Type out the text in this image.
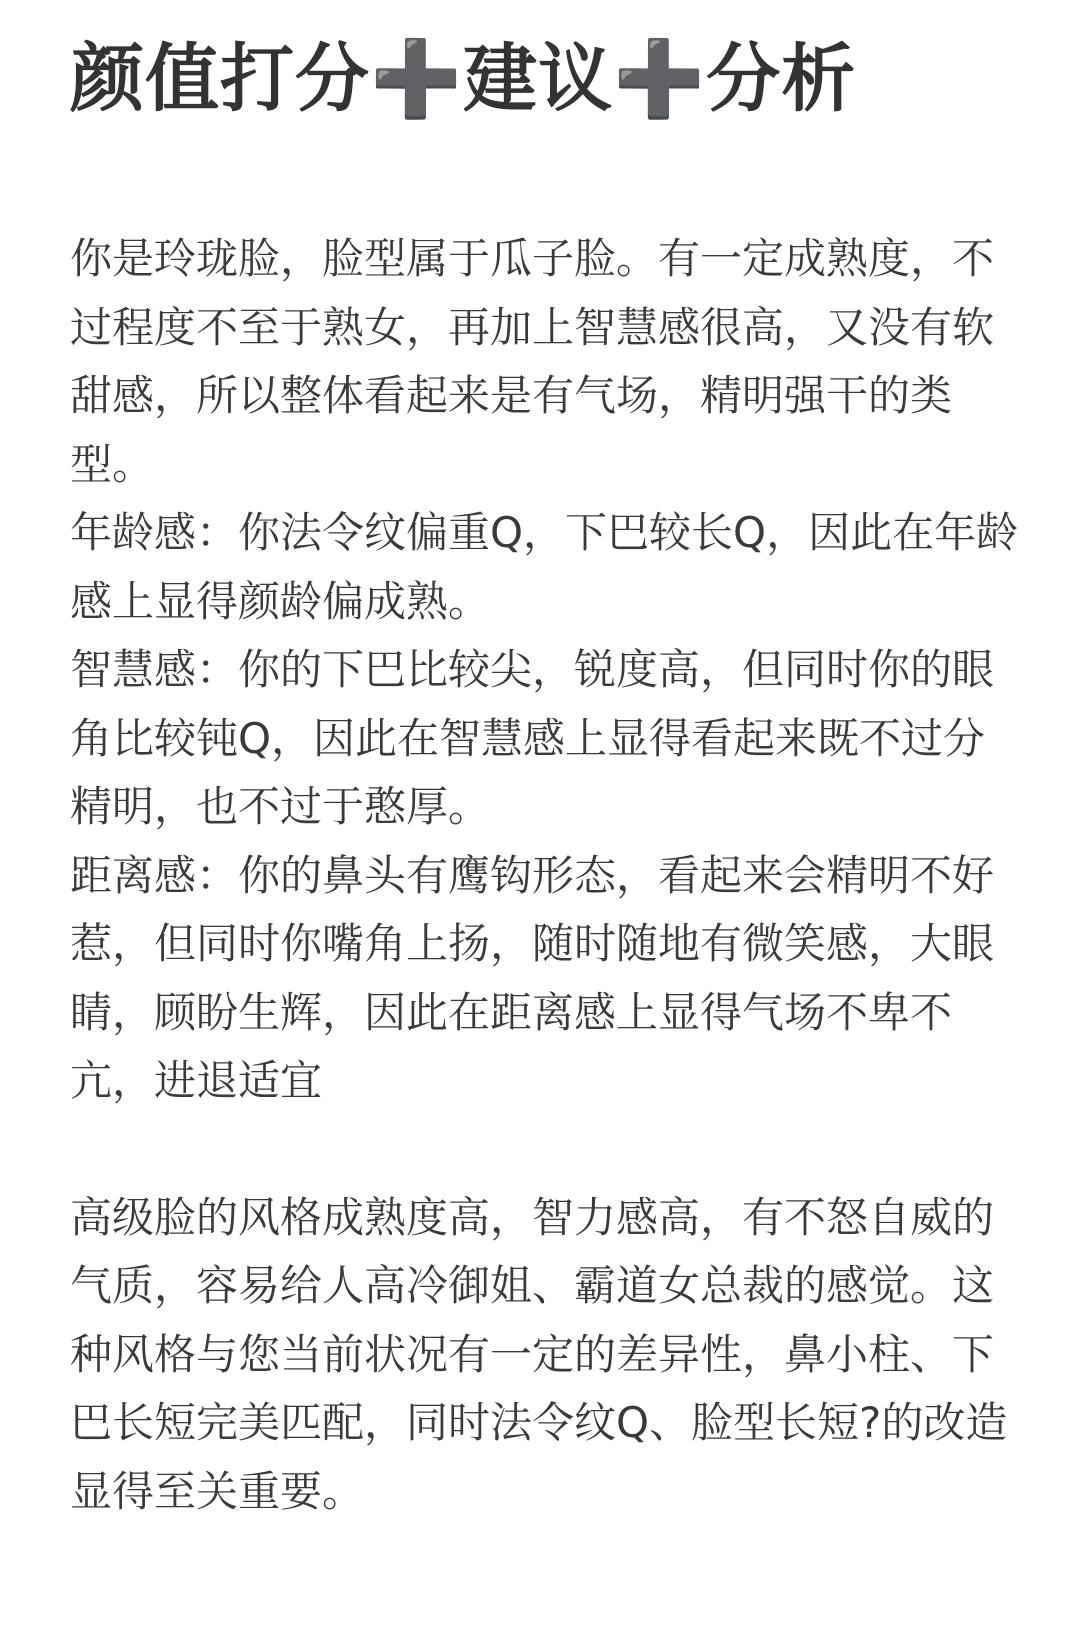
颜值打分➕建议➕分析

你是玲珑脸，脸型属于瓜子脸。有一定成熟度，不过程度不至于熟女，再加上智慧感很高，又没有软甜感，所以整体看起来是有气场，精明强干的类型。

年龄感：你法令纹偏重Q，下巴较长Q，因此在年龄感上显得颜龄偏成熟。

智慧感：你的下巴比较尖，锐度高，但同时你的眼角比较钝Q，因此在智慧感上显得看起来既不过分精明，也不过于憨厚。

距离感：你的鼻头有鹰钩形态，看起来会精明不好惹，但同时你嘴角上扬，随时随地有微笑感，大眼睛，顾盼生辉，因此在距离感上显得气场不卑不亢，进退适宜

高级脸的风格成熟度高，智力感高，有不怒自威的气质，容易给人高冷御姐、霸道女总裁的感觉。这种风格与您当前状况有一定的差异性，鼻小柱、下巴长短完美匹配，同时法令纹Q、脸型长短?的改造显得至关重要。
